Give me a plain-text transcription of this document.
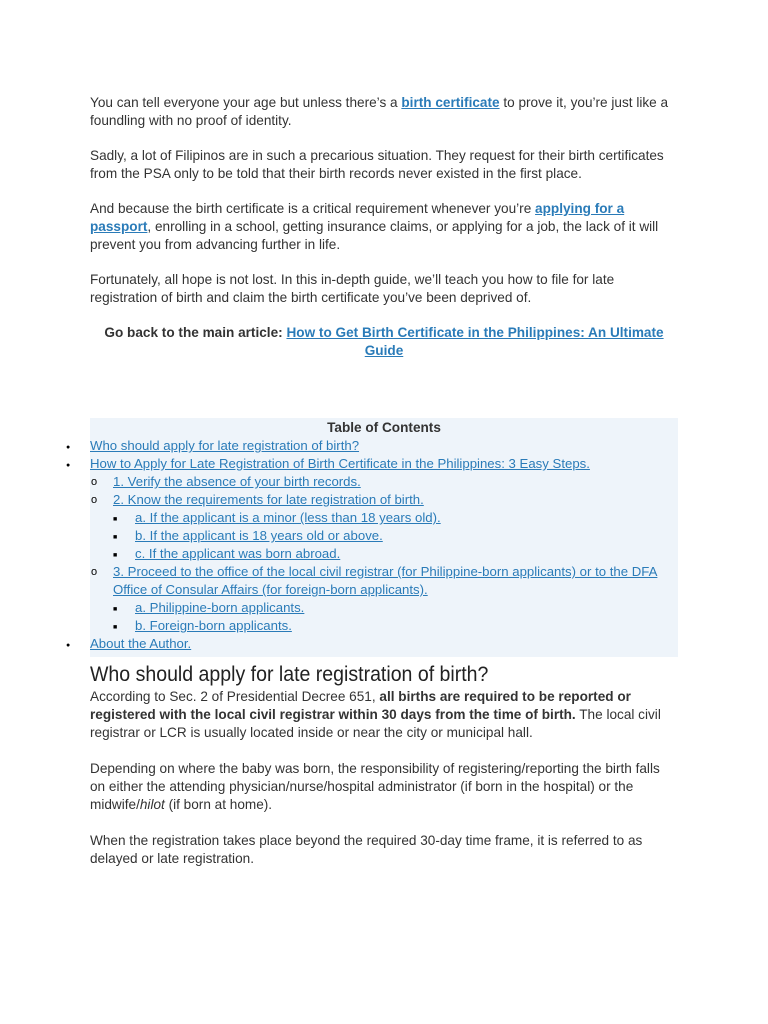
You can tell everyone your age but unless there’s a birth certificate to prove it, you’re just like a foundling with no proof of identity.

Sadly, a lot of Filipinos are in such a precarious situation. They request for their birth certificates from the PSA only to be told that their birth records never existed in the first place.

And because the birth certificate is a critical requirement whenever you’re applying for a passport, enrolling in a school, getting insurance claims, or applying for a job, the lack of it will prevent you from advancing further in life.

Fortunately, all hope is not lost. In this in-depth guide, we’ll teach you how to file for late registration of birth and claim the birth certificate you’ve been deprived of.

Go back to the main article: How to Get Birth Certificate in the Philippines: An Ultimate Guide
Table of Contents
●
Who should apply for late registration of birth?
●
How to Apply for Late Registration of Birth Certificate in the Philippines: 3 Easy Steps.
o
1. Verify the absence of your birth records.
o
2. Know the requirements for late registration of birth.
■
a. If the applicant is a minor (less than 18 years old).
■
b. If the applicant is 18 years old or above.
■
c. If the applicant was born abroad.
o
3. Proceed to the office of the local civil registrar (for Philippine-born applicants) or to the DFA Office of Consular Affairs (for foreign-born applicants).
■
a. Philippine-born applicants.
■
b. Foreign-born applicants.
●
About the Author.
Who should apply for late registration of birth?

According to Sec. 2 of Presidential Decree 651, all births are required to be reported or registered with the local civil registrar within 30 days from the time of birth. The local civil registrar or LCR is usually located inside or near the city or municipal hall.

Depending on where the baby was born, the responsibility of registering/reporting the birth falls on either the attending physician/nurse/hospital administrator (if born in the hospital) or the midwife/hilot (if born at home).

When the registration takes place beyond the required 30-day time frame, it is referred to as delayed or late registration.
